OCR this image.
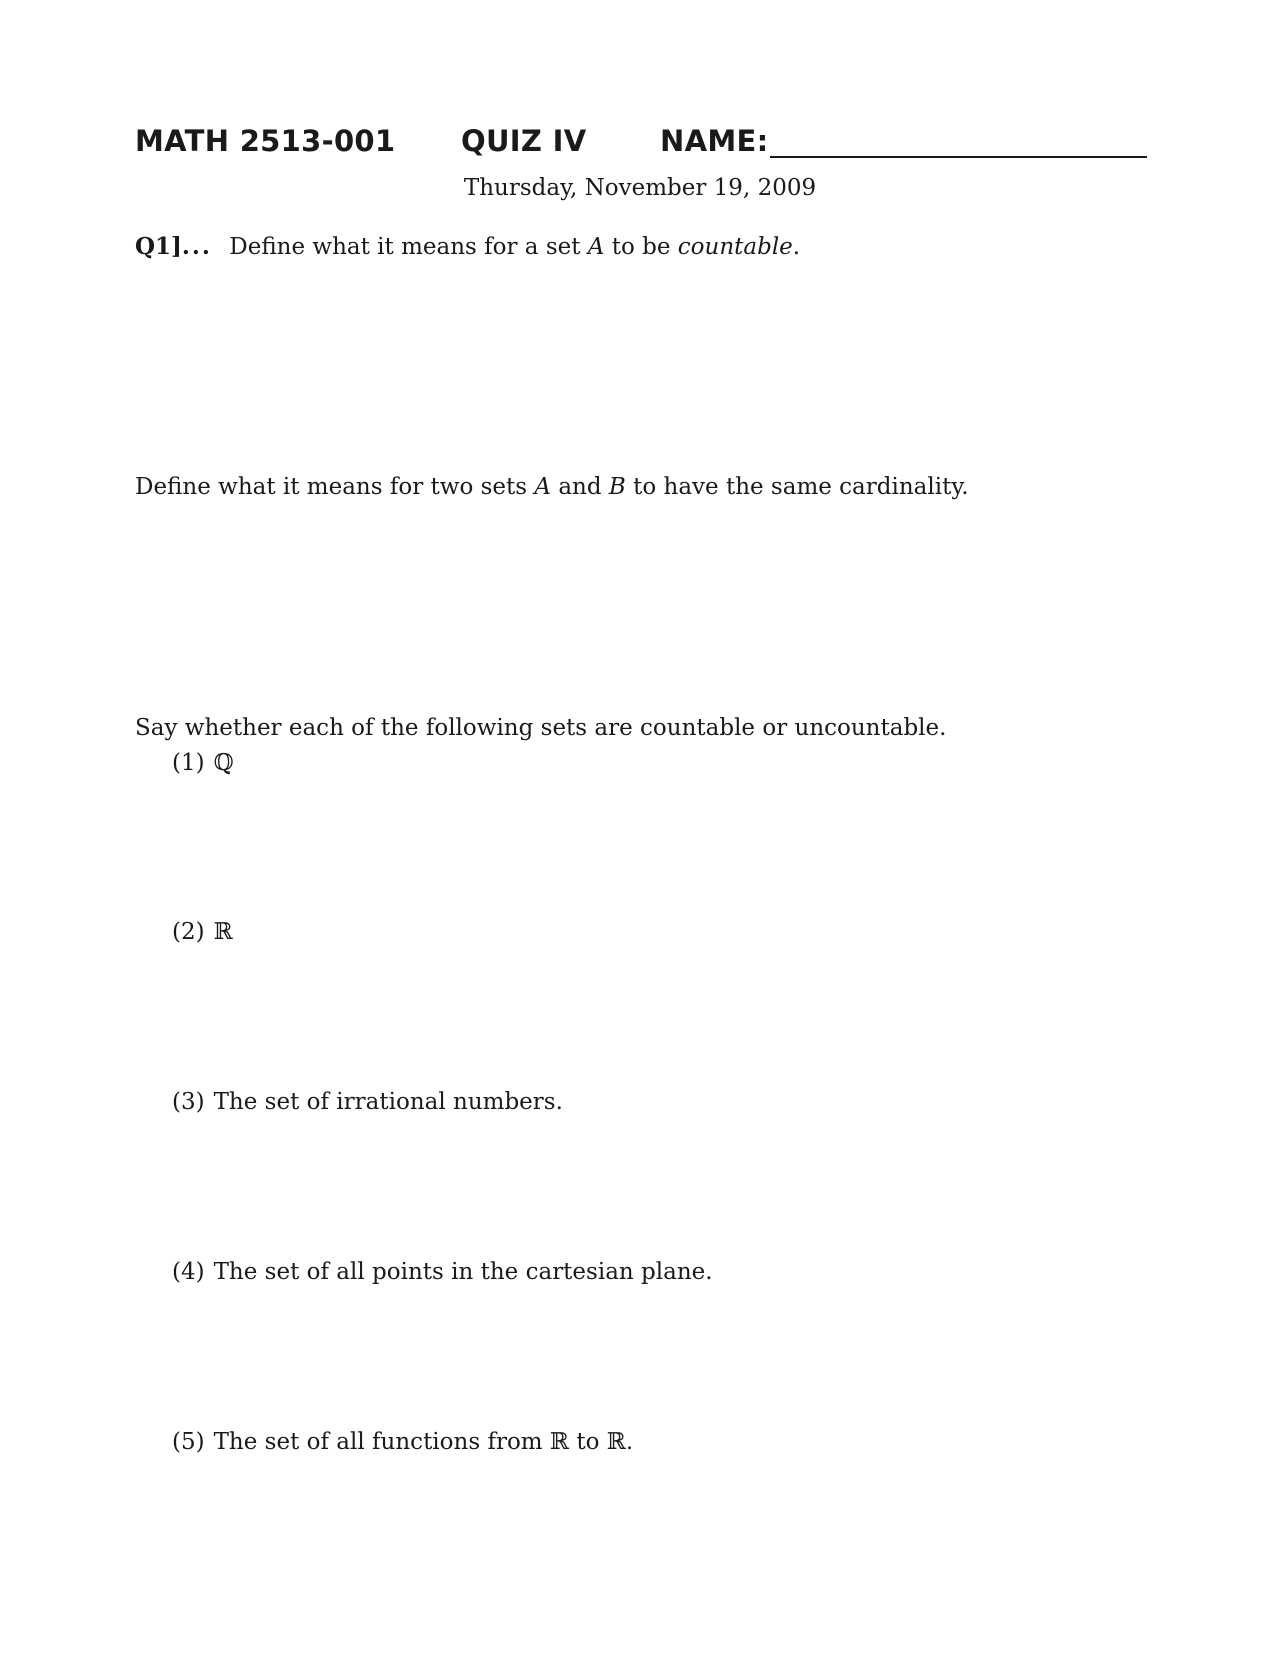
MATH 2513-001 QUIZ IV	NAME:
Thursday, November 19, 2009
Q1]... Define what it means for a set A to be countable.
Define what it means for two sets A and B to have the same cardinality.
Say whether each of the following sets are countable or uncountable.
(1) ℚ
(2) ℝ
(3) The set of irrational numbers.
(4) The set of all points in the cartesian plane.
(5) The set of all functions from ℝ to ℝ.
